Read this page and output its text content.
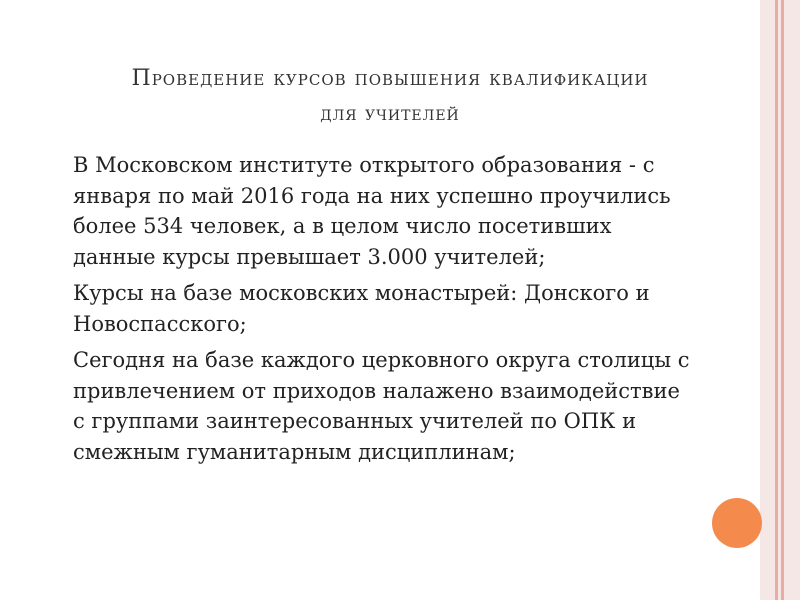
Проведение курсов повышения квалификации
для учителей
В Московском институте открытого образования - с января по май 2016 года на них успешно проучились более 534 человек, а в целом число посетивших данные курсы превышает 3.000 учителей;
Курсы на базе московских монастырей: Донского и Новоспасского;
Сегодня на базе каждого церковного округа столицы с привлечением от приходов налажено взаимодействие с группами заинтересованных учителей по ОПК и смежным гуманитарным дисциплинам;
